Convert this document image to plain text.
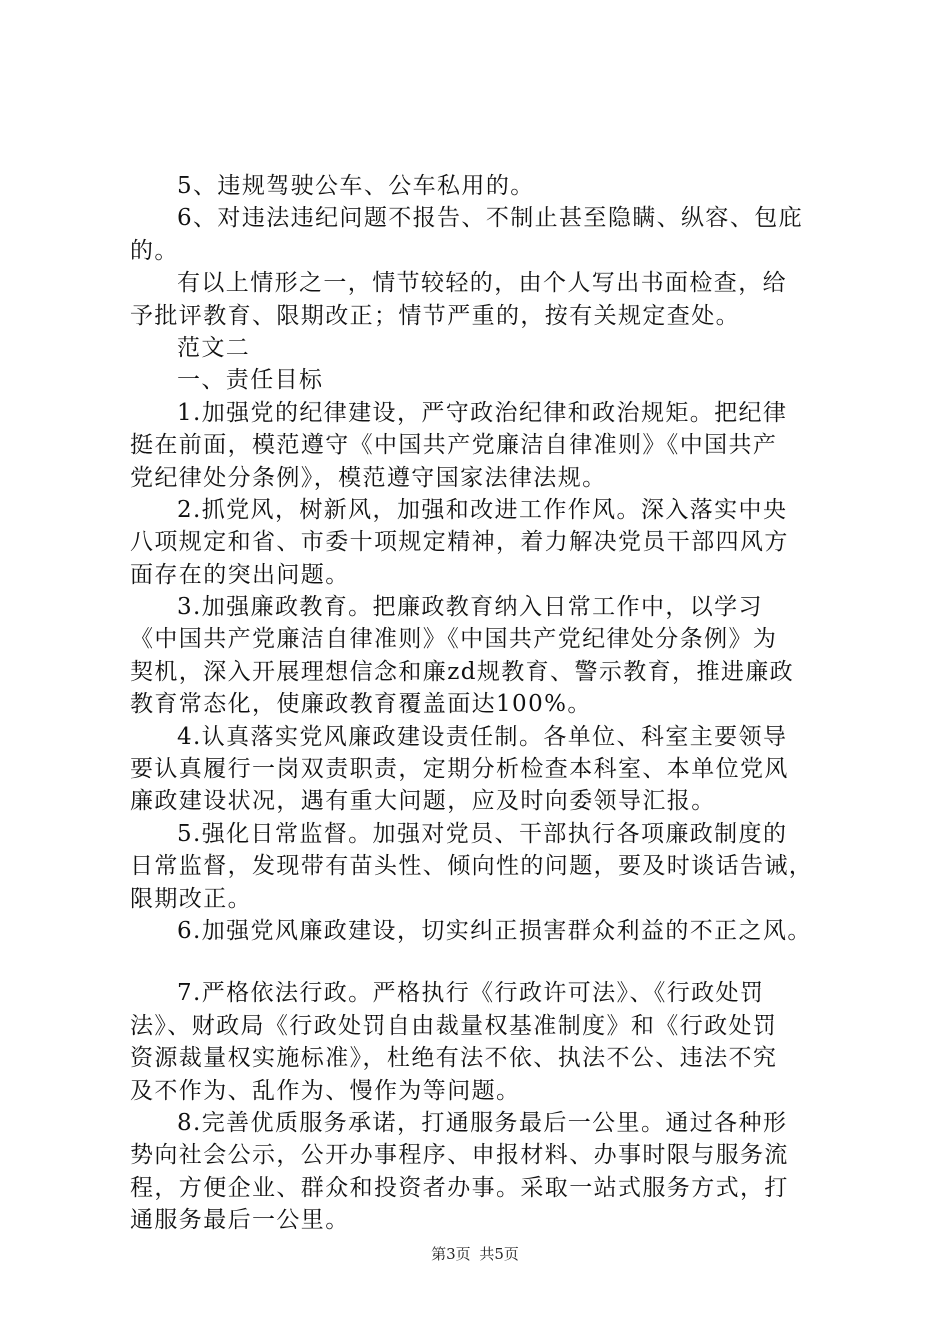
5、违规驾驶公车、公车私用的。
6、对违法违纪问题不报告、不制止甚至隐瞒、纵容、包庇
的。
有以上情形之一，情节较轻的，由个人写出书面检查，给
予批评教育、限期改正；情节严重的，按有关规定查处。
范文二
一、责任目标
1.加强党的纪律建设，严守政治纪律和政治规矩。把纪律
挺在前面，模范遵守《中国共产党廉洁自律准则》《中国共产
党纪律处分条例》，模范遵守国家法律法规。
2.抓党风，树新风，加强和改进工作作风。深入落实中央
八项规定和省、市委十项规定精神，着力解决党员干部四风方
面存在的突出问题。
3.加强廉政教育。把廉政教育纳入日常工作中，以学习
《中国共产党廉洁自律准则》《中国共产党纪律处分条例》为
契机，深入开展理想信念和廉zd规教育、警示教育，推进廉政
教育常态化，使廉政教育覆盖面达100%。
4.认真落实党风廉政建设责任制。各单位、科室主要领导
要认真履行一岗双责职责，定期分析检查本科室、本单位党风
廉政建设状况，遇有重大问题，应及时向委领导汇报。
5.强化日常监督。加强对党员、干部执行各项廉政制度的
日常监督，发现带有苗头性、倾向性的问题，要及时谈话告诫，
限期改正。
6.加强党风廉政建设，切实纠正损害群众利益的不正之风。
7.严格依法行政。严格执行《行政许可法》、《行政处罚
法》、财政局《行政处罚自由裁量权基准制度》和《行政处罚
资源裁量权实施标准》，杜绝有法不依、执法不公、违法不究
及不作为、乱作为、慢作为等问题。
8.完善优质服务承诺，打通服务最后一公里。通过各种形
势向社会公示，公开办事程序、申报材料、办事时限与服务流
程，方便企业、群众和投资者办事。采取一站式服务方式，打
通服务最后一公里。
第3页 共5页
